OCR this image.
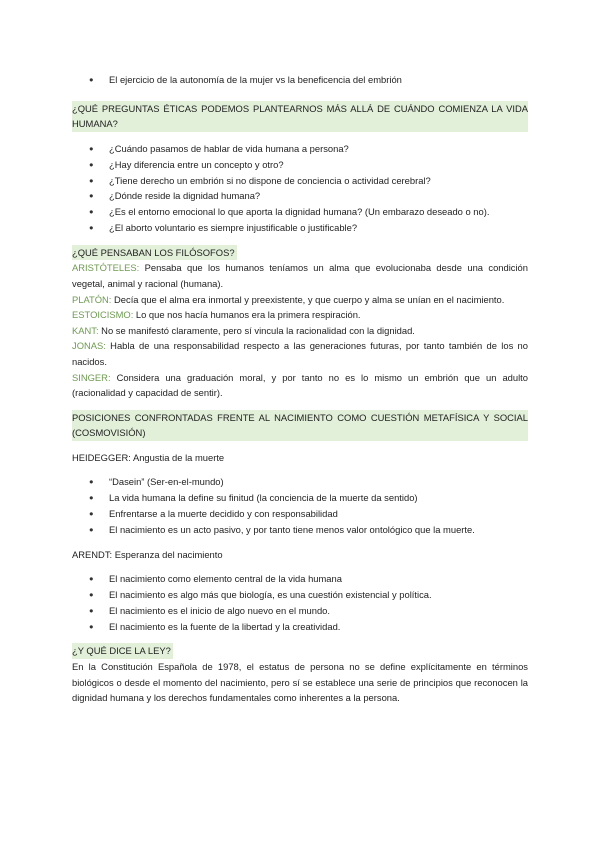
● El ejercicio de la autonomía de la mujer vs la beneficencia del embrión
¿QUÉ PREGUNTAS ÉTICAS PODEMOS PLANTEARNOS MÁS ALLÁ DE CUÁNDO COMIENZA LA VIDA HUMANA?
● ¿Cuándo pasamos de hablar de vida humana a persona?
● ¿Hay diferencia entre un concepto y otro?
● ¿Tiene derecho un embrión si no dispone de conciencia o actividad cerebral?
● ¿Dónde reside la dignidad humana?
● ¿Es el entorno emocional lo que aporta la dignidad humana? (Un embarazo deseado o no).
● ¿El aborto voluntario es siempre injustificable o justificable?
¿QUÉ PENSABAN LOS FILÓSOFOS?

ARISTÓTELES: Pensaba que los humanos teníamos un alma que evolucionaba desde una condición vegetal, animal y racional (humana).

PLATÓN: Decía que el alma era inmortal y preexistente, y que cuerpo y alma se unían en el nacimiento.

ESTOICISMO: Lo que nos hacía humanos era la primera respiración.

KANT: No se manifestó claramente, pero sí vincula la racionalidad con la dignidad.

JONAS: Habla de una responsabilidad respecto a las generaciones futuras, por tanto también de los no nacidos.

SINGER: Considera una graduación moral, y por tanto no es lo mismo un embrión que un adulto (racionalidad y capacidad de sentir).

POSICIONES CONFRONTADAS FRENTE AL NACIMIENTO COMO CUESTIÓN METAFÍSICA Y SOCIAL (COSMOVISIÓN)

HEIDEGGER: Angustia de la muerte

● “Dasein” (Ser-en-el-mundo)
● La vida humana la define su finitud (la conciencia de la muerte da sentido)
● Enfrentarse a la muerte decidido y con responsabilidad
● El nacimiento es un acto pasivo, y por tanto tiene menos valor ontológico que la muerte.

ARENDT: Esperanza del nacimiento

● El nacimiento como elemento central de la vida humana
● El nacimiento es algo más que biología, es una cuestión existencial y política.
● El nacimiento es el inicio de algo nuevo en el mundo.
● El nacimiento es la fuente de la libertad y la creatividad.
¿Y QUÉ DICE LA LEY?

En la Constitución Española de 1978, el estatus de persona no se define explícitamente en términos biológicos o desde el momento del nacimiento, pero sí se establece una serie de principios que reconocen la dignidad humana y los derechos fundamentales como inherentes a la persona.
